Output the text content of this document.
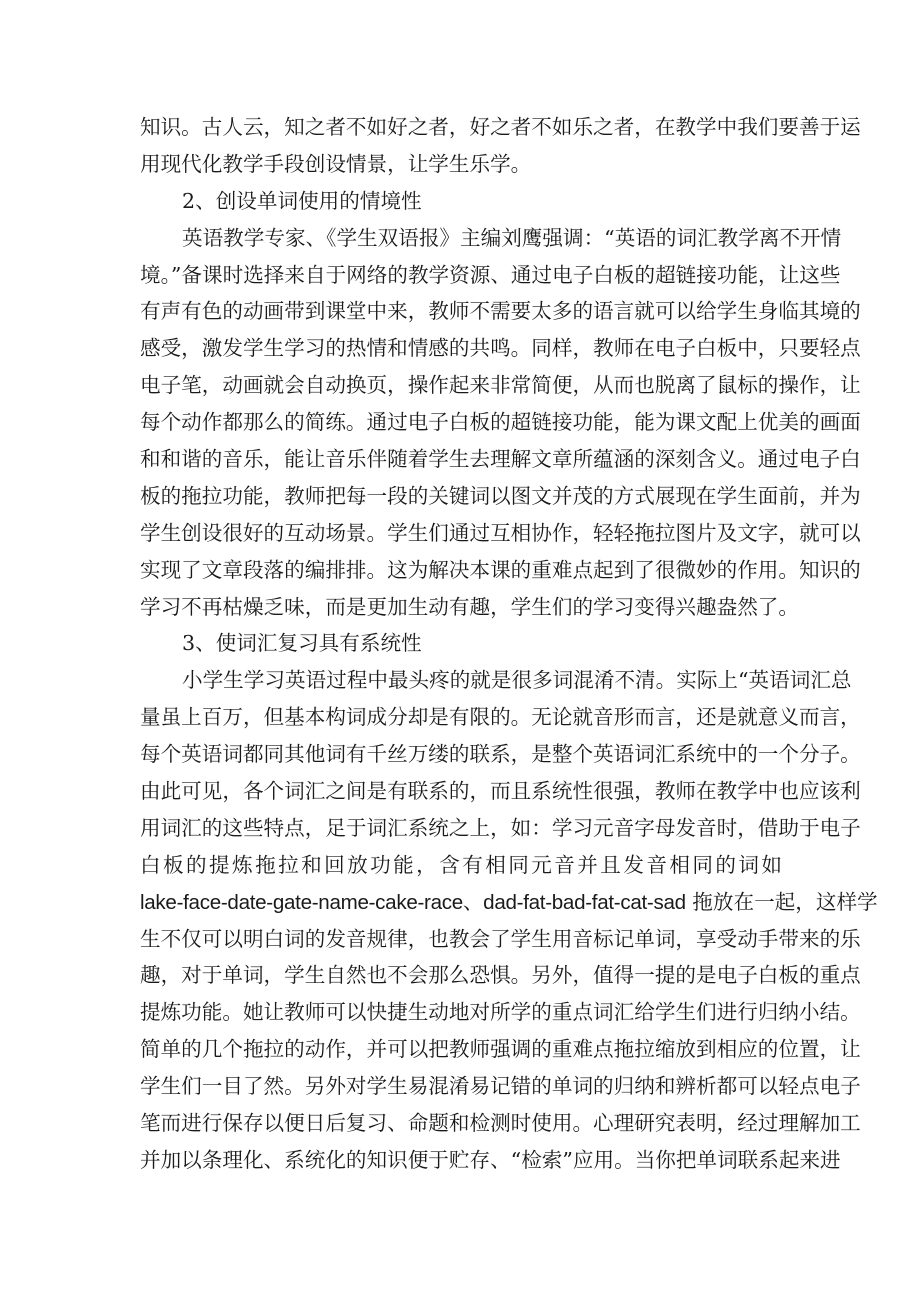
知识。古人云，知之者不如好之者，好之者不如乐之者，在教学中我们要善于运
用现代化教学手段创设情景，让学生乐学。
2、创设单词使用的情境性
英语教学专家、《学生双语报》主编刘鹰强调：“英语的词汇教学离不开情
境。”备课时选择来自于网络的教学资源、通过电子白板的超链接功能，让这些
有声有色的动画带到课堂中来，教师不需要太多的语言就可以给学生身临其境的
感受，激发学生学习的热情和情感的共鸣。同样，教师在电子白板中，只要轻点
电子笔，动画就会自动换页，操作起来非常简便，从而也脱离了鼠标的操作，让
每个动作都那么的简练。通过电子白板的超链接功能，能为课文配上优美的画面
和和谐的音乐，能让音乐伴随着学生去理解文章所蕴涵的深刻含义。通过电子白
板的拖拉功能，教师把每一段的关键词以图文并茂的方式展现在学生面前，并为
学生创设很好的互动场景。学生们通过互相协作，轻轻拖拉图片及文字，就可以
实现了文章段落的编排排。这为解决本课的重难点起到了很微妙的作用。知识的
学习不再枯燥乏味，而是更加生动有趣，学生们的学习变得兴趣盎然了。
3、使词汇复习具有系统性
小学生学习英语过程中最头疼的就是很多词混淆不清。实际上“英语词汇总
量虽上百万，但基本构词成分却是有限的。无论就音形而言，还是就意义而言，
每个英语词都同其他词有千丝万缕的联系，是整个英语词汇系统中的一个分子。
由此可见，各个词汇之间是有联系的，而且系统性很强，教师在教学中也应该利
用词汇的这些特点，足于词汇系统之上，如：学习元音字母发音时，借助于电子
白板的提炼拖拉和回放功能，含有相同元音并且发音相同的词如
lake-face-date-gate-name-cake-race、dad-fat-bad-fat-cat-sad 拖放在一起，这样学
生不仅可以明白词的发音规律，也教会了学生用音标记单词，享受动手带来的乐
趣，对于单词，学生自然也不会那么恐惧。另外，值得一提的是电子白板的重点
提炼功能。她让教师可以快捷生动地对所学的重点词汇给学生们进行归纳小结。
简单的几个拖拉的动作，并可以把教师强调的重难点拖拉缩放到相应的位置，让
学生们一目了然。另外对学生易混淆易记错的单词的归纳和辨析都可以轻点电子
笔而进行保存以便日后复习、命题和检测时使用。心理研究表明，经过理解加工
并加以条理化、系统化的知识便于贮存、“检索”应用。当你把单词联系起来进
